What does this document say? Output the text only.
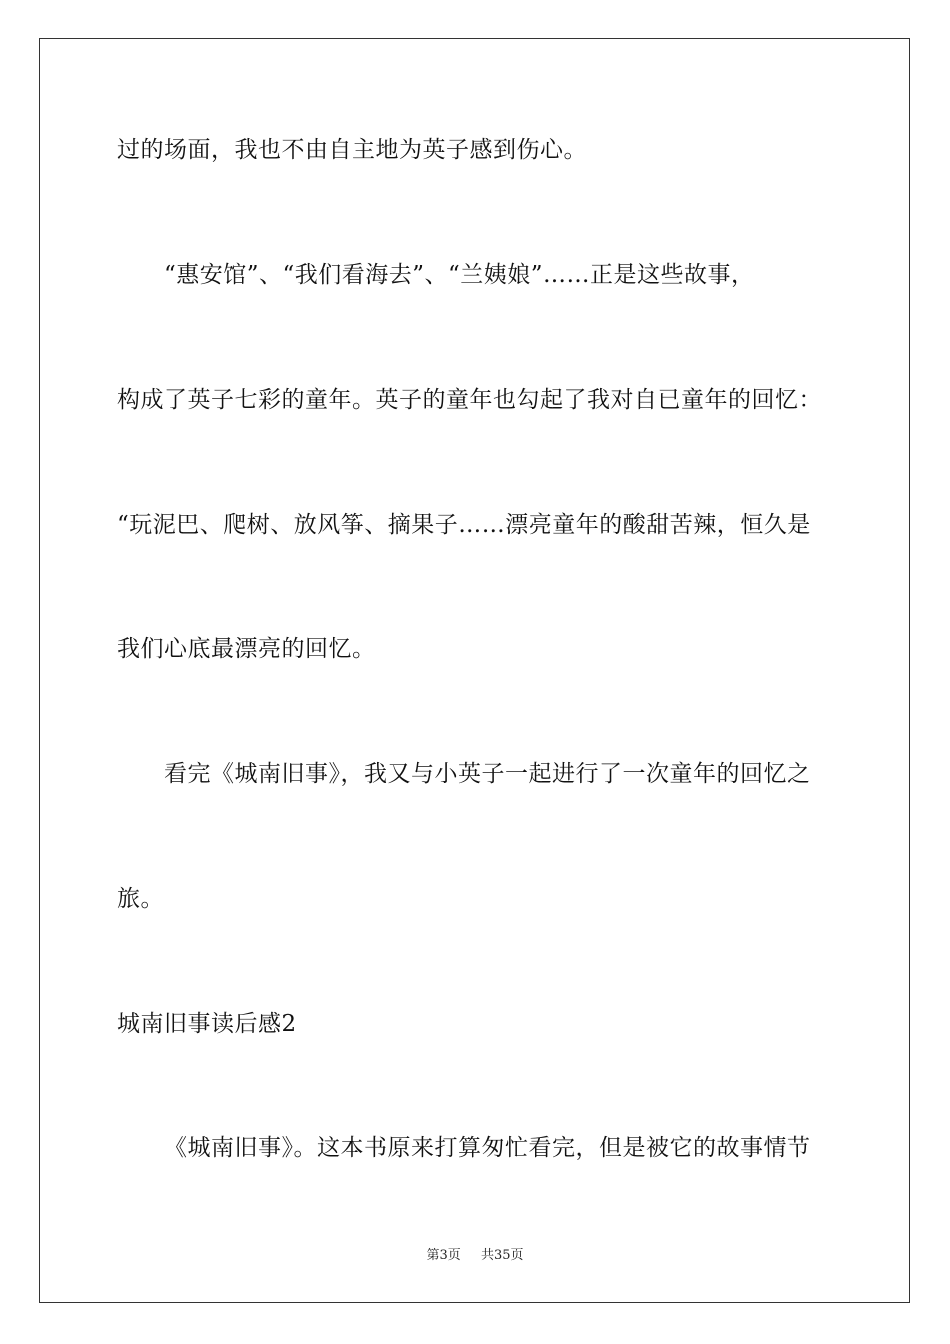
过的场面，我也不由自主地为英子感到伤心。
“惠安馆”、“我们看海去”、“兰姨娘”……正是这些故事，
构成了英子七彩的童年。英子的童年也勾起了我对自已童年的回忆：
“玩泥巴、爬树、放风筝、摘果子……漂亮童年的酸甜苦辣，恒久是
我们心底最漂亮的回忆。
看完《城南旧事》，我又与小英子一起进行了一次童年的回忆之
旅。
城南旧事读后感2
《城南旧事》。这本书原来打算匆忙看完，但是被它的故事情节
第3页 共35页
